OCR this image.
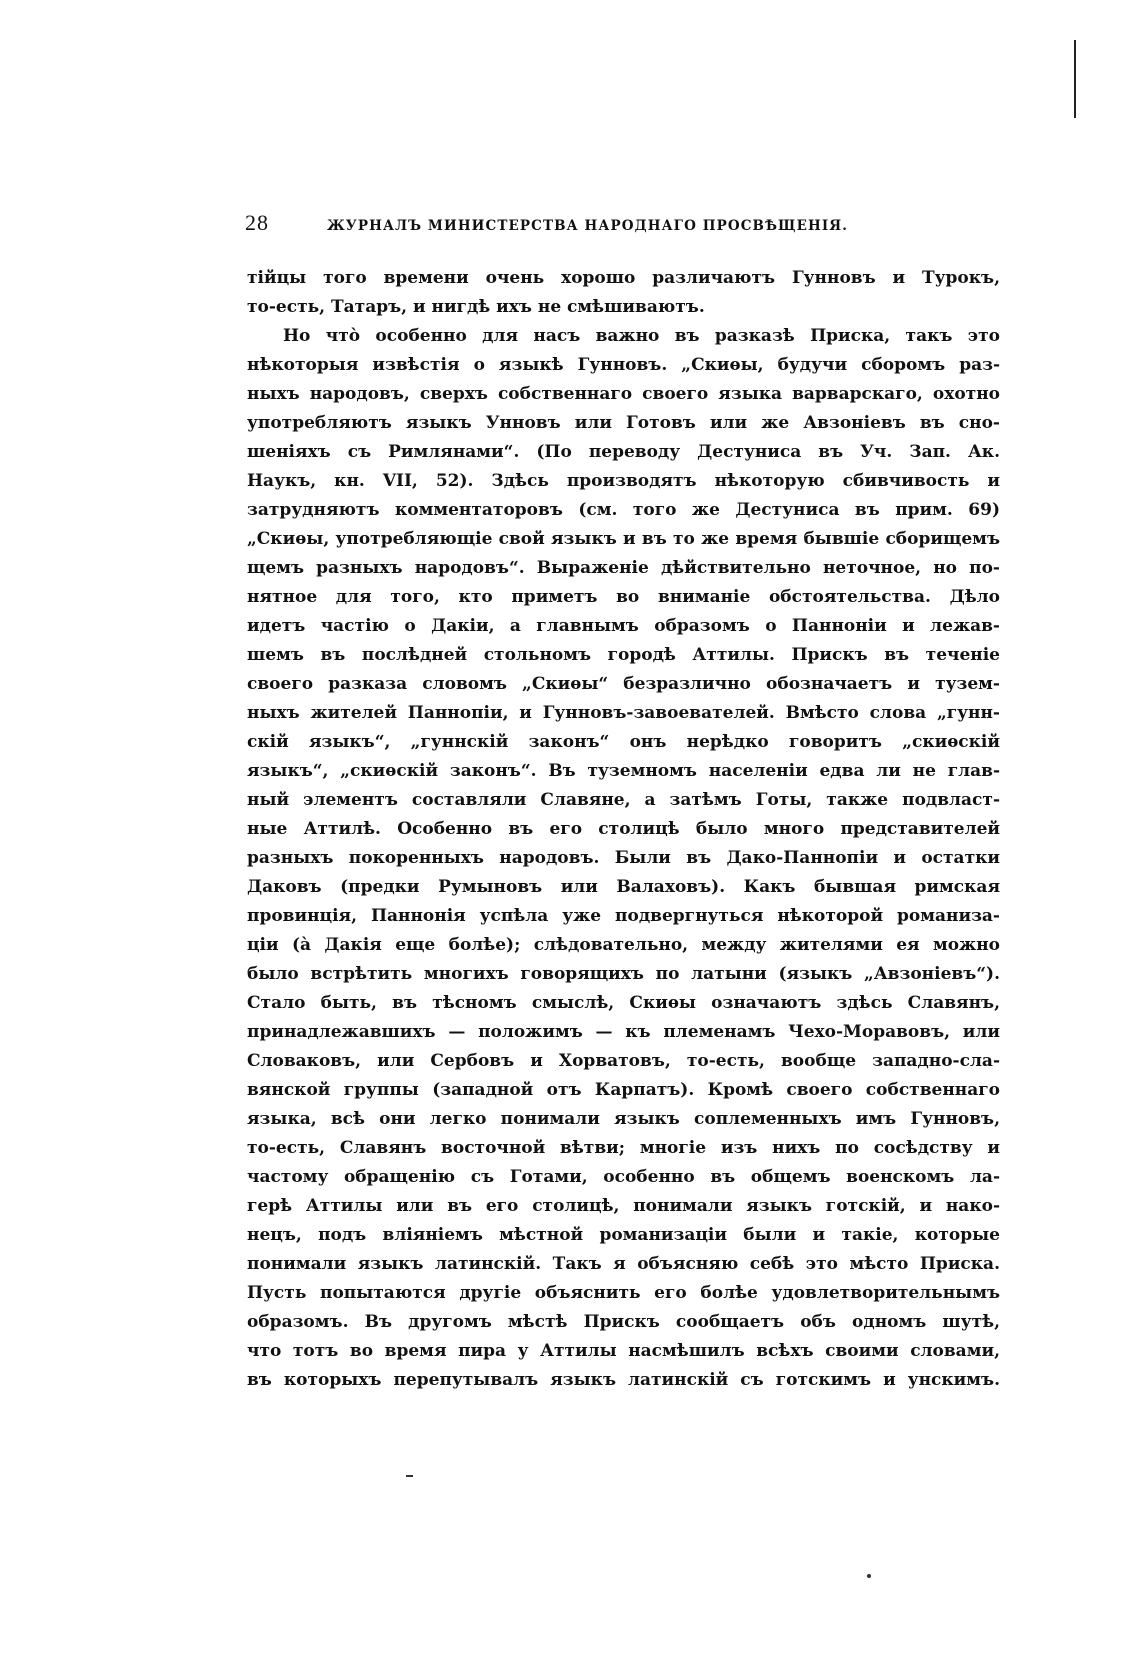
28	ЖУРНАЛЪ МИНИСТЕРСТВА НАРОДНАГО ПРОСВѢЩЕНІЯ.
тійцы того времени очень хорошо различаютъ Гунновъ и Турокъ,
то-есть, Татаръ, и нигдѣ ихъ не смѣшиваютъ.
Но что̀ особенно для насъ важно въ разказѣ Приска, такъ это
нѣкоторыя извѣстія о языкѣ Гунновъ. „Скиѳы, будучи сборомъ раз-
ныхъ народовъ, сверхъ собственнаго своего языка варварскаго, охотно
употребляютъ языкъ Унновъ или Готовъ или же Авзоніевъ въ сно-
шеніяхъ съ Римлянами“. (По переводу Дестуниса въ Уч. Зап. Ак.
Наукъ, кн. VII, 52). Здѣсь производятъ нѣкоторую сбивчивость и
затрудняютъ комментаторовъ (см. того же Дестуниса въ прим. 69)
„Скиѳы, употребляющіе свой языкъ и въ то же время бывшіе сборищемъ
щемъ разныхъ народовъ“. Выраженіе дѣйствительно неточное, но по-
нятное для того, кто приметъ во вниманіе обстоятельства. Дѣло
идетъ частію о Дакіи, а главнымъ образомъ о Паннонiи и лежав-
шемъ въ послѣдней стольномъ городѣ Аттилы. Прискъ въ теченіе
своего разказа словомъ „Скиѳы“ безразлично обозначаетъ и тузем-
ныхъ жителей Паннопіи, и Гунновъ-завоевателей. Вмѣсто слова „гунн-
скій языкъ“, „гуннскій законъ“ онъ нерѣдко говоритъ „скиѳскій
языкъ“, „скиѳскій законъ“. Въ туземномъ населеніи едва ли не глав-
ный элементъ составляли Славяне, а затѣмъ Готы, также подвласт-
ные Аттилѣ. Особенно въ его столицѣ было много представителей
разныхъ покоренныхъ народовъ. Были въ Дако-Паннопіи и остатки
Даковъ (предки Румыновъ или Валаховъ). Какъ бывшая римская
провинція, Паннонія успѣла уже подвергнуться нѣкоторой романиза-
ціи (а̀ Дакія еще болѣе); слѣдовательно, между жителями ея можно
было встрѣтить многихъ говорящихъ по латыни (языкъ „Авзоніевъ“).
Стало быть, въ тѣсномъ смыслѣ, Скиѳы означаютъ здѣсь Славянъ,
принадлежавшихъ — положимъ — къ племенамъ Чехо-Моравовъ, или
Словаковъ, или Сербовъ и Хорватовъ, то-есть, вообще западно-сла-
вянской группы (западной отъ Карпатъ). Кромѣ своего собственнаго
языка, всѣ они легко понимали языкъ соплеменныхъ имъ Гунновъ,
то-есть, Славянъ восточной вѣтви; многіе изъ нихъ по сосѣдству и
частому обращенію съ Готами, особенно въ общемъ военскомъ ла-
герѣ Аттилы или въ его столицѣ, понимали языкъ готскій, и нако-
нецъ, подъ вліяніемъ мѣстной романизаціи были и такіе, которые
понимали языкъ латинскій. Такъ я объясняю себѣ это мѣсто Приска.
Пусть попытаются другіе объяснить его болѣе удовлетворительнымъ
образомъ. Въ другомъ мѣстѣ Прискъ сообщаетъ объ одномъ шутѣ,
что тотъ во время пира у Аттилы насмѣшилъ всѣхъ своими словами,
въ которыхъ перепутывалъ языкъ латинскій съ готскимъ и унскимъ.
